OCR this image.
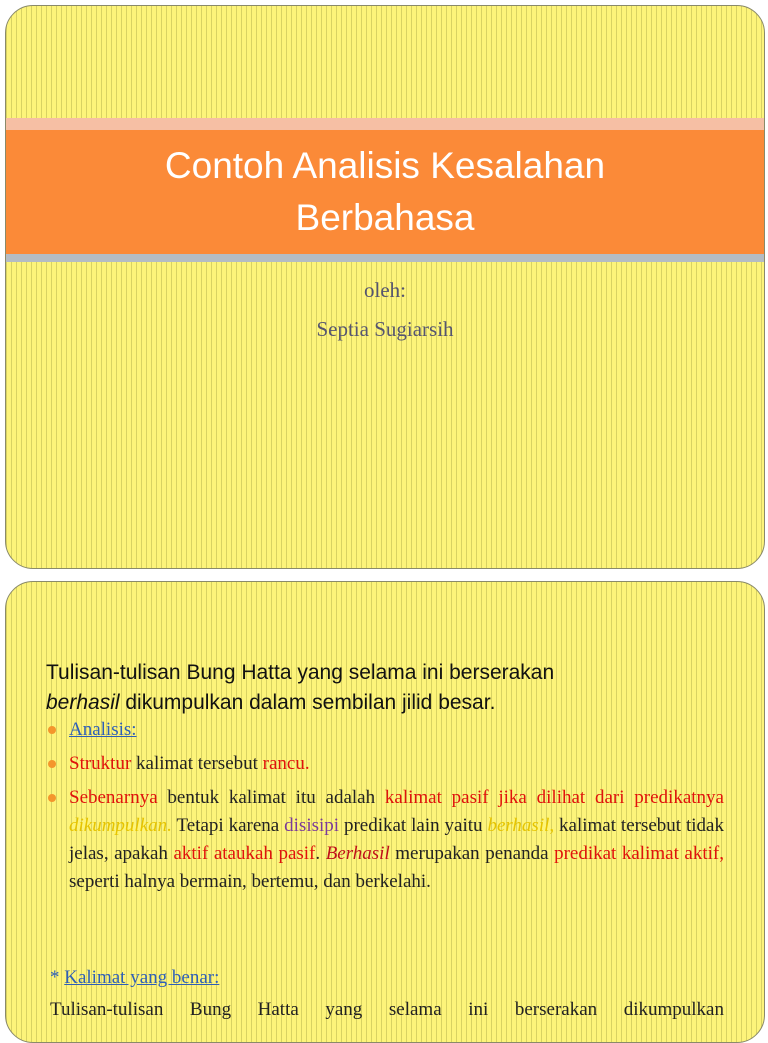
Contoh Analisis Kesalahan
Berbahasa
oleh:
Septia Sugiarsih
Tulisan-tulisan Bung Hatta yang selama ini berserakan
berhasil dikumpulkan dalam sembilan jilid besar.
Analisis:
Struktur kalimat tersebut rancu.
Sebenarnya bentuk kalimat itu adalah kalimat pasif jika dilihat dari predikatnya dikumpulkan. Tetapi karena disisipi predikat lain yaitu berhasil, kalimat tersebut tidak jelas, apakah aktif ataukah pasif. Berhasil merupakan penanda predikat kalimat aktif, seperti halnya bermain, bertemu, dan berkelahi.
* Kalimat yang benar:
Tulisan-tulisan Bung Hatta yang selama ini berserakan dikumpulkan
